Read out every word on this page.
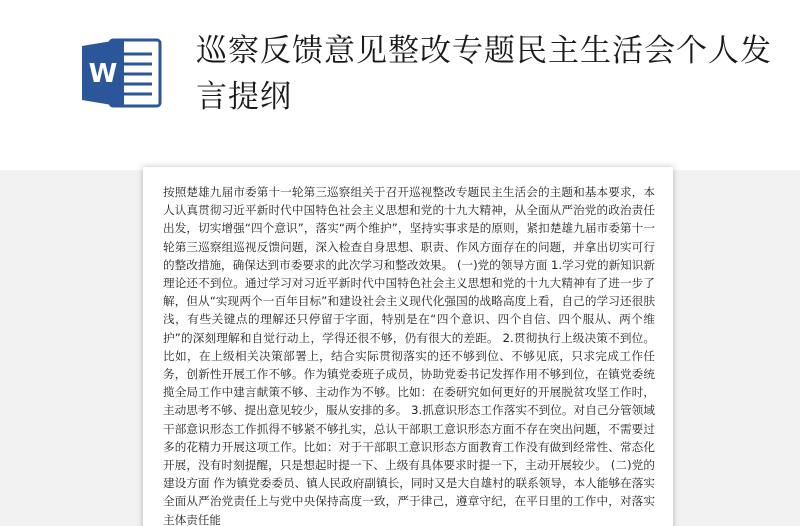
W
巡察反馈意见整改专题民主生活会个人发言提纲

按照楚雄九届市委第十一轮第三巡察组关于召开巡视整改专题民主生活会的主题和基本要求，本人认真贯彻习近平新时代中国特色社会主义思想和党的十九大精神，从全面从严治党的政治责任出发，切实增强“四个意识”，落实“两个维护”，坚持实事求是的原则，紧扣楚雄九届市委第十一轮第三巡察组巡视反馈问题，深入检查自身思想、职责、作风方面存在的问题，并拿出切实可行的整改措施，确保达到市委要求的此次学习和整改效果。 (一)党的领导方面 1.学习党的新知识新理论还不到位。通过学习对习近平新时代中国特色社会主义思想和党的十九大精神有了进一步了解，但从“实现两个一百年目标”和建设社会主义现代化强国的战略高度上看，自己的学习还很肤浅，有些关键点的理解还只停留于字面，特别是在“四个意识、四个自信、四个服从、两个维护”的深刻理解和自觉行动上，学得还很不够，仍有很大的差距。 2.贯彻执行上级决策不到位。比如，在上级相关决策部署上，结合实际贯彻落实的还不够到位、不够见底，只求完成工作任务，创新性开展工作不够。作为镇党委班子成员，协助党委书记发挥作用不够到位，在镇党委统揽全局工作中建言献策不够、主动作为不够。比如：在委研究如何更好的开展脱贫攻坚工作时，主动思考不够、提出意见较少，服从安排的多。 3.抓意识形态工作落实不到位。对自己分管领域干部意识形态工作抓得不够紧不够扎实，总认干部职工意识形态方面不存在突出问题，不需要过多的花精力开展这项工作。比如：对于干部职工意识形态方面教育工作没有做到经常性、常态化开展，没有时刻提醒，只是想起时提一下、上级有具体要求时提一下，主动开展较少。 (二)党的建设方面 作为镇党委委员、镇人民政府副镇长，同时又是大自雄村的联系领导，本人能够在落实全面从严治党责任上与党中央保持高度一致，严于律己，遵章守纪，在平日里的工作中，对落实主体责任能
